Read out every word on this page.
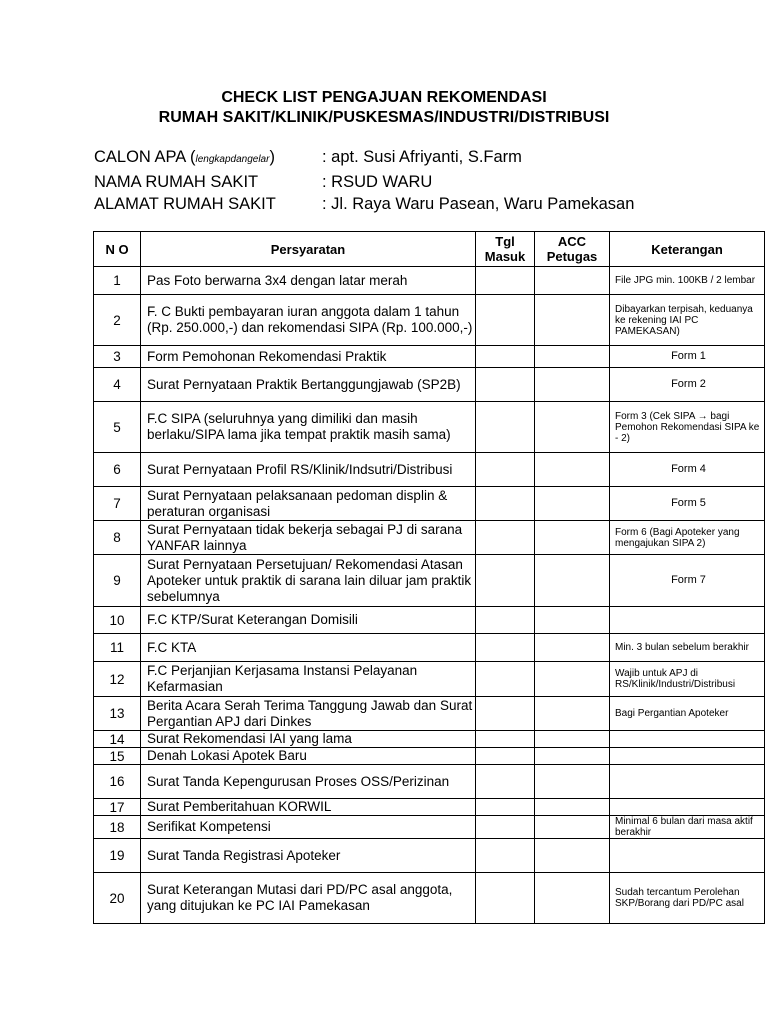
CHECK LIST PENGAJUAN REKOMENDASI
RUMAH SAKIT/KLINIK/PUSKESMAS/INDUSTRI/DISTRIBUSI
CALON APA (lengkapdangelar)	: apt. Susi Afriyanti, S.Farm
NAMA RUMAH SAKIT	: RSUD WARU
ALAMAT RUMAH SAKIT	: Jl. Raya Waru Pasean, Waru Pamekasan
N O	Persyaratan	Tgl Masuk	ACC Petugas	Keterangan
1	Pas Foto berwarna 3x4 dengan latar merah			File JPG min. 100KB / 2 lembar
2	F. C Bukti pembayaran iuran anggota dalam 1 tahun (Rp. 250.000,-) dan rekomendasi SIPA (Rp. 100.000,-)			Dibayarkan terpisah, keduanya ke rekening IAI PC PAMEKASAN)
3	Form Pemohonan Rekomendasi Praktik			Form 1
4	Surat Pernyataan Praktik Bertanggungjawab (SP2B)			Form 2
5	F.C SIPA (seluruhnya yang dimiliki dan masih berlaku/SIPA lama jika tempat praktik masih sama)			Form 3 (Cek SIPA → bagi Pemohon Rekomendasi SIPA ke - 2)
6	Surat Pernyataan Profil RS/Klinik/Indsutri/Distribusi			Form 4
7	Surat Pernyataan pelaksanaan pedoman displin & peraturan organisasi			Form 5
8	Surat Pernyataan tidak bekerja sebagai PJ di sarana YANFAR lainnya			Form 6 (Bagi Apoteker yang mengajukan SIPA 2)
9	Surat Pernyataan Persetujuan/ Rekomendasi Atasan Apoteker untuk praktik di sarana lain diluar jam praktik sebelumnya			Form 7
10	F.C KTP/Surat Keterangan Domisili			
11	F.C KTA			Min. 3 bulan sebelum berakhir
12	F.C Perjanjian Kerjasama Instansi Pelayanan Kefarmasian			Wajib untuk APJ di RS/Klinik/Industri/Distribusi
13	Berita Acara Serah Terima Tanggung Jawab dan Surat Pergantian APJ dari Dinkes			Bagi Pergantian Apoteker
14	Surat Rekomendasi IAI yang lama			
15	Denah Lokasi Apotek Baru			
16	Surat Tanda Kepengurusan Proses OSS/Perizinan			
17	Surat Pemberitahuan KORWIL			
18	Serifikat Kompetensi			Minimal 6 bulan dari masa aktif berakhir
19	Surat Tanda Registrasi Apoteker			
20	Surat Keterangan Mutasi dari PD/PC asal anggota, yang ditujukan ke PC IAI Pamekasan			Sudah tercantum Perolehan SKP/Borang dari PD/PC asal
